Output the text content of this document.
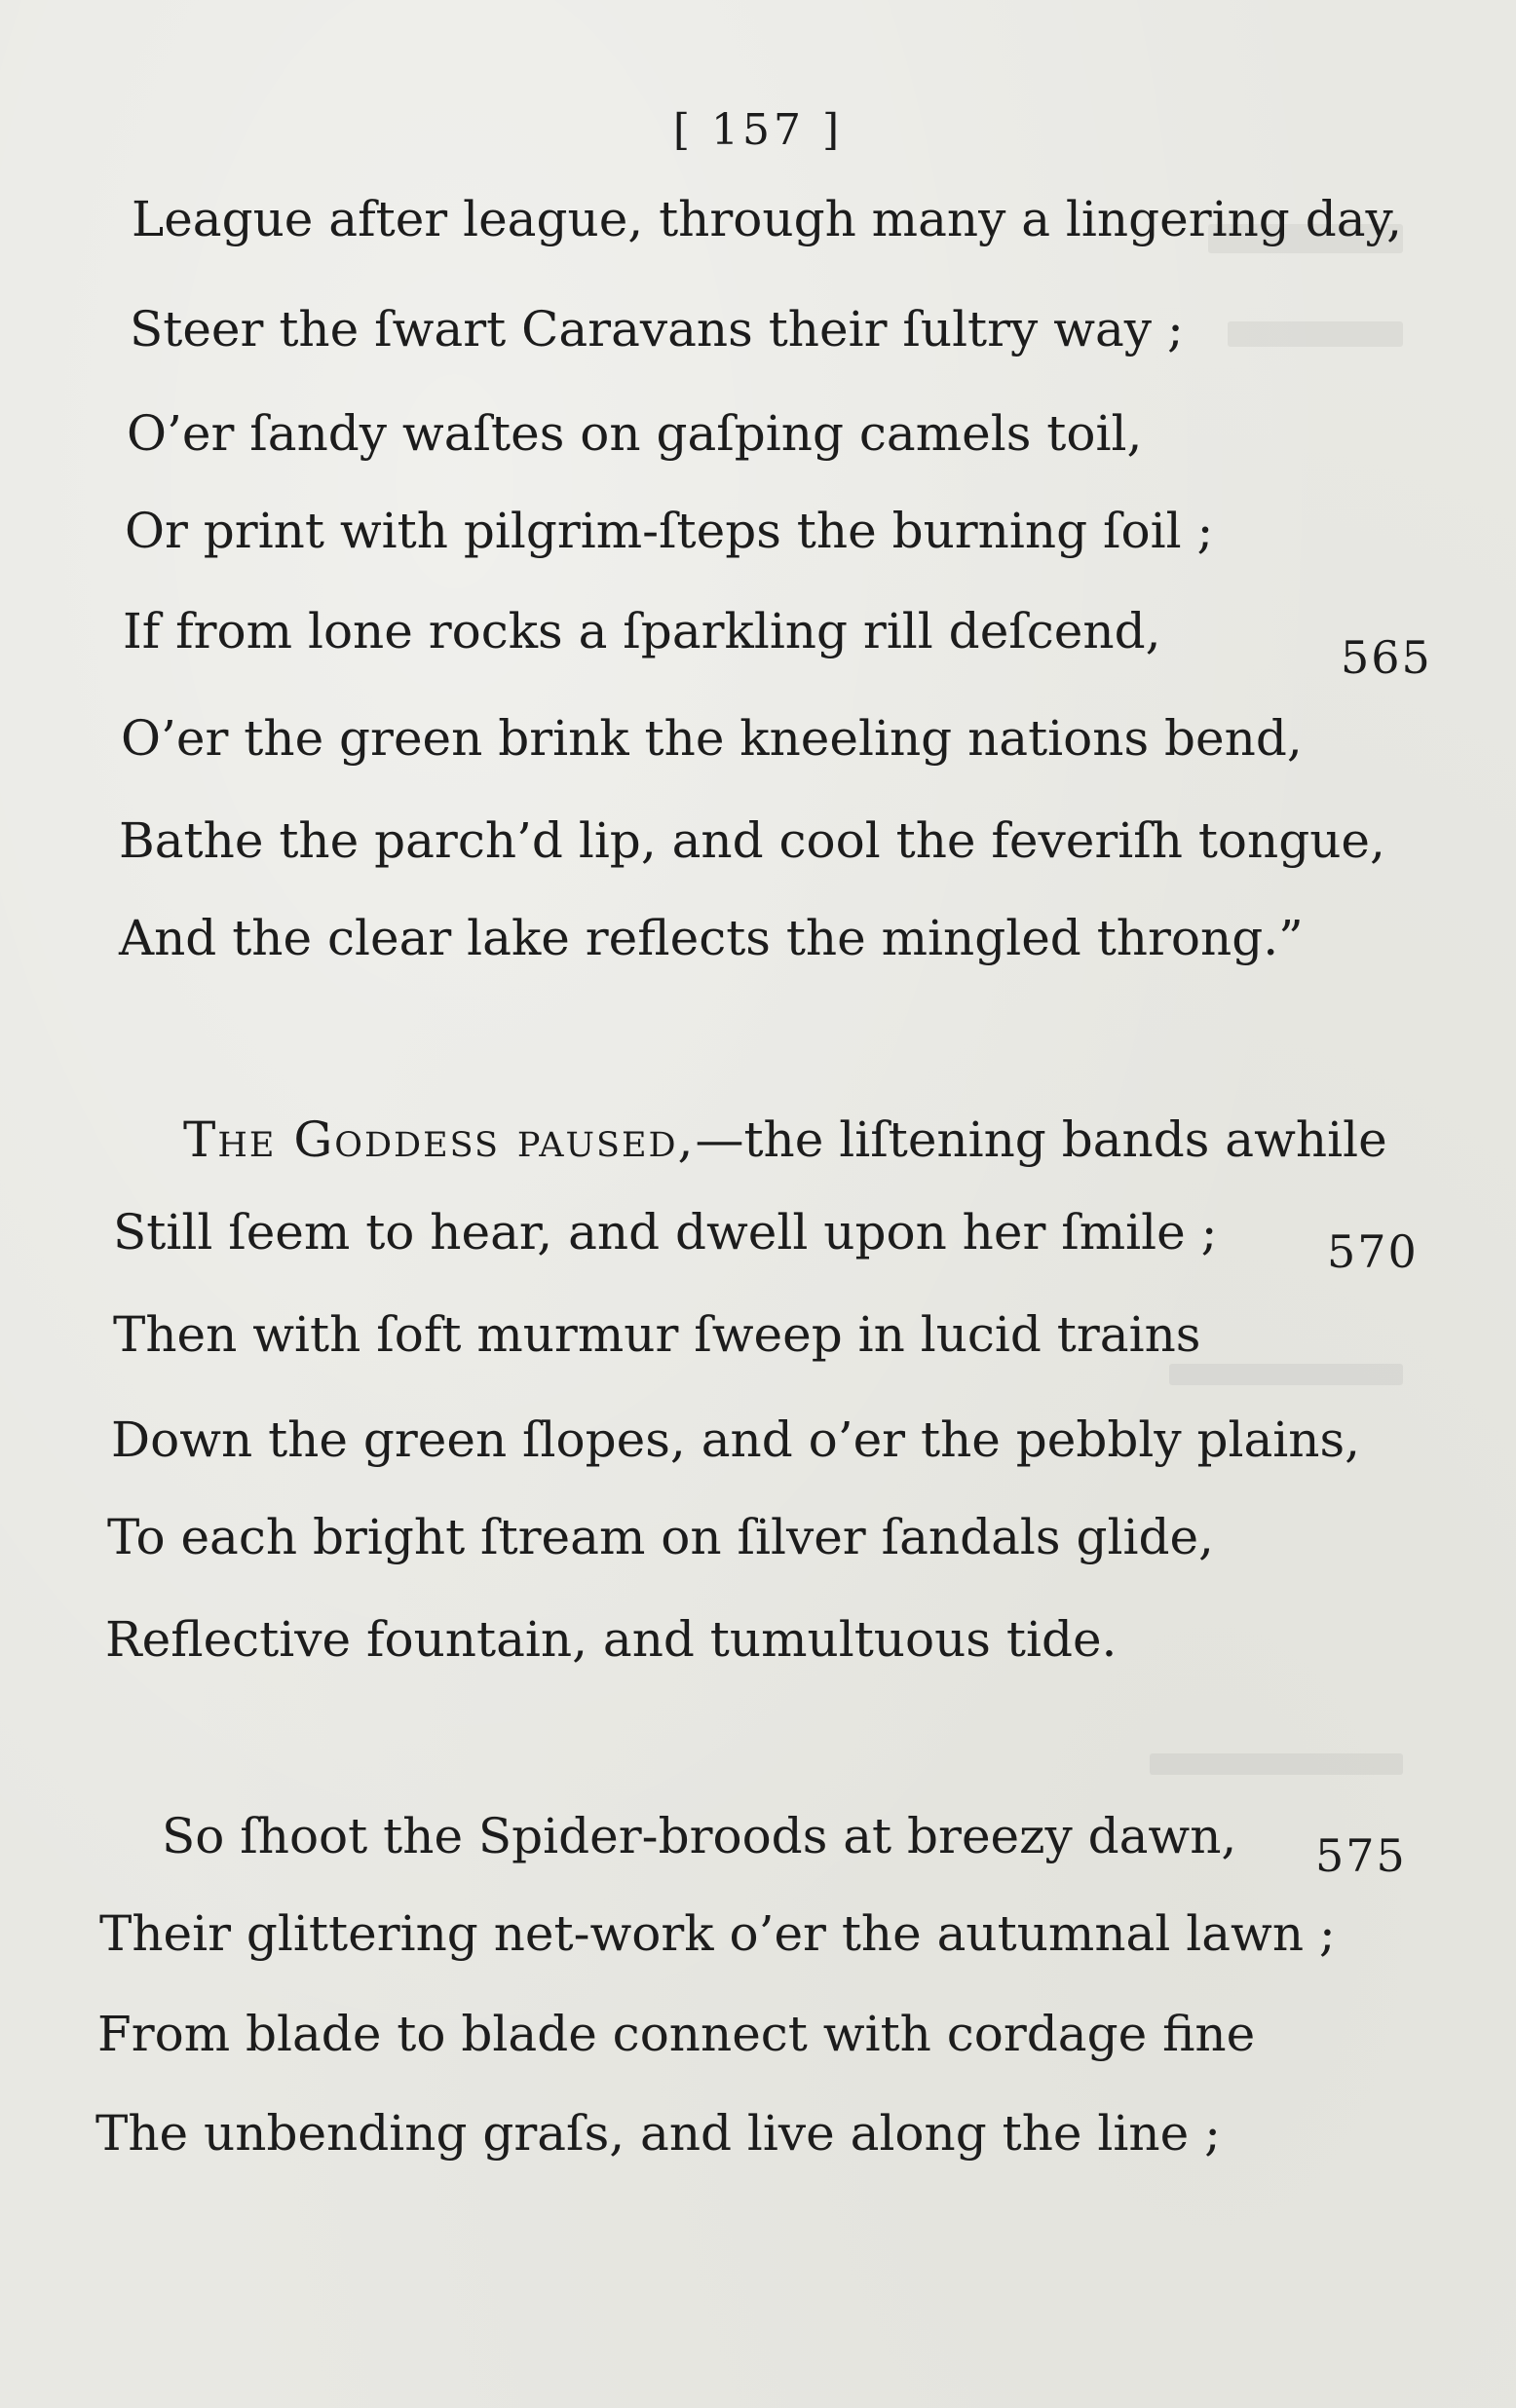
[ 157 ]
League after league, through many a lingering day,
Steer the ſwart Caravans their ſultry way ;
O’er ſandy waſtes on gaſping camels toil,
Or print with pilgrim-ſteps the burning ſoil ;
If from lone rocks a ſparkling rill deſcend,	565
O’er the green brink the kneeling nations bend,
Bathe the parch’d lip, and cool the feveriſh tongue,
And the clear lake reflects the mingled throng.”
The Goddess paused,—the liſtening bands awhile
Still ſeem to hear, and dwell upon her ſmile ; 570
Then with ſoft murmur ſweep in lucid trains
Down the green ſlopes, and o’er the pebbly plains,
To each bright ſtream on ſilver ſandals glide,
Reflective fountain, and tumultuous tide.
So ſhoot the Spider-broods at breezy dawn, 575
Their glittering net-work o’er the autumnal lawn ;
From blade to blade connect with cordage fine
The unbending graſs, and live along the line ;
